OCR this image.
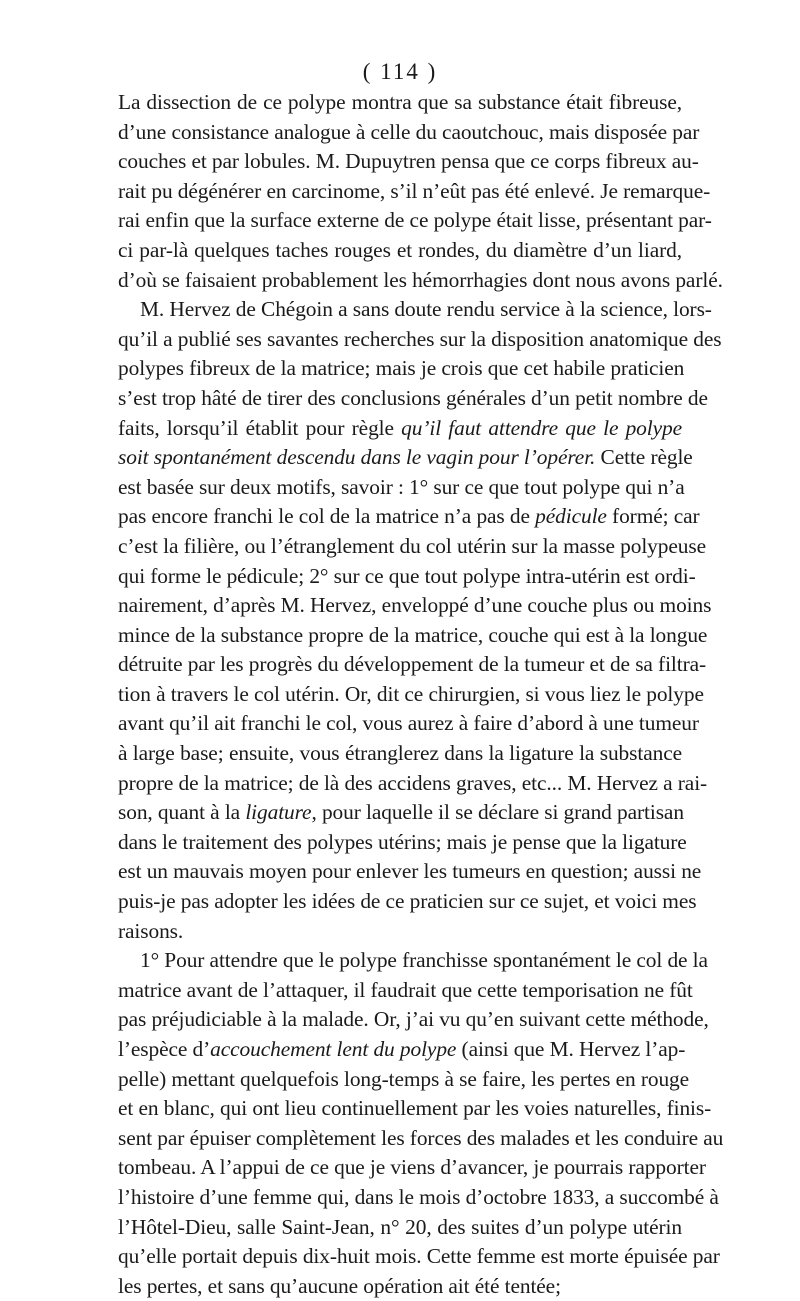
( 114 )

La dissection de ce polype montra que sa substance était fibreuse,
d’une consistance analogue à celle du caoutchouc, mais disposée par
couches et par lobules. M. Dupuytren pensa que ce corps fibreux au-
rait pu dégénérer en carcinome, s’il n’eût pas été enlevé. Je remarque-
rai enfin que la surface externe de ce polype était lisse, présentant par-
ci par-là quelques taches rouges et rondes, du diamètre d’un liard,
d’où se faisaient probablement les hémorrhagies dont nous avons parlé.

M. Hervez de Chégoin a sans doute rendu service à la science, lors-
qu’il a publié ses savantes recherches sur la disposition anatomique des
polypes fibreux de la matrice; mais je crois que cet habile praticien
s’est trop hâté de tirer des conclusions générales d’un petit nombre de
faits, lorsqu’il établit pour règle qu’il faut attendre que le polype
soit spontanément descendu dans le vagin pour l’opérer. Cette règle
est basée sur deux motifs, savoir : 1° sur ce que tout polype qui n’a
pas encore franchi le col de la matrice n’a pas de pédicule formé; car
c’est la filière, ou l’étranglement du col utérin sur la masse polypeuse
qui forme le pédicule; 2° sur ce que tout polype intra-utérin est ordi-
nairement, d’après M. Hervez, enveloppé d’une couche plus ou moins
mince de la substance propre de la matrice, couche qui est à la longue
détruite par les progrès du développement de la tumeur et de sa filtra-
tion à travers le col utérin. Or, dit ce chirurgien, si vous liez le polype
avant qu’il ait franchi le col, vous aurez à faire d’abord à une tumeur
à large base; ensuite, vous étranglerez dans la ligature la substance
propre de la matrice; de là des accidens graves, etc... M. Hervez a rai-
son, quant à la ligature, pour laquelle il se déclare si grand partisan
dans le traitement des polypes utérins; mais je pense que la ligature
est un mauvais moyen pour enlever les tumeurs en question; aussi ne
puis-je pas adopter les idées de ce praticien sur ce sujet, et voici mes
raisons.

1° Pour attendre que le polype franchisse spontanément le col de la
matrice avant de l’attaquer, il faudrait que cette temporisation ne fût
pas préjudiciable à la malade. Or, j’ai vu qu’en suivant cette méthode,
l’espèce d’accouchement lent du polype (ainsi que M. Hervez l’ap-
pelle) mettant quelquefois long-temps à se faire, les pertes en rouge
et en blanc, qui ont lieu continuellement par les voies naturelles, finis-
sent par épuiser complètement les forces des malades et les conduire au
tombeau. A l’appui de ce que je viens d’avancer, je pourrais rapporter
l’histoire d’une femme qui, dans le mois d’octobre 1833, a succombé à
l’Hôtel-Dieu, salle Saint-Jean, n° 20, des suites d’un polype utérin
qu’elle portait depuis dix-huit mois. Cette femme est morte épuisée par
les pertes, et sans qu’aucune opération ait été tentée;
